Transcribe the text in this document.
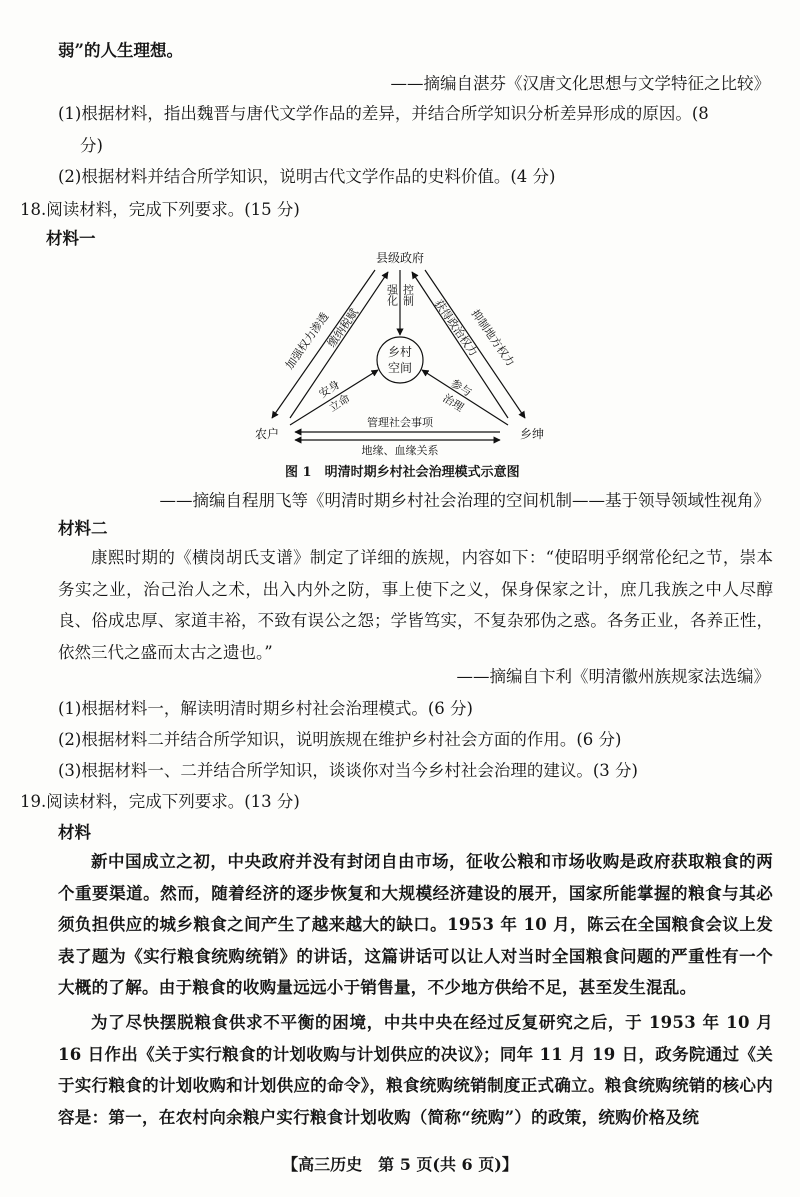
弱”的人生理想。
——摘编自湛芬《汉唐文化思想与文学特征之比较》
(1)根据材料，指出魏晋与唐代文学作品的差异，并结合所学知识分析差异形成的原因。(8
分)
(2)根据材料并结合所学知识，说明古代文学作品的史料价值。(4 分)
18.阅读材料，完成下列要求。(15 分)
材料一
县级政府
乡村
空间
强化 控制
加强权力渗透
缴纳税赋	抑制地方权力
获得政治权力
安身
立命
参与
治理
农户	乡绅
管理社会事项
地缘、血缘关系
图 1　明清时期乡村社会治理模式示意图
——摘编自程朋飞等《明清时期乡村社会治理的空间机制——基于领导领域性视角》
材料二
康熙时期的《横岗胡氏支谱》制定了详细的族规，内容如下：“使昭明乎纲常伦纪之节，崇本务实之业，治己治人之术，出入内外之防，事上使下之义，保身保家之计，庶几我族之中人尽醇良、俗成忠厚、家道丰裕，不致有误公之怨；学皆笃实，不复杂邪伪之惑。各务正业，各养正性，依然三代之盛而太古之遗也。”
——摘编自卞利《明清徽州族规家法选编》
(1)根据材料一，解读明清时期乡村社会治理模式。(6 分)
(2)根据材料二并结合所学知识，说明族规在维护乡村社会方面的作用。(6 分)
(3)根据材料一、二并结合所学知识，谈谈你对当今乡村社会治理的建议。(3 分)
19.阅读材料，完成下列要求。(13 分)
材料
新中国成立之初，中央政府并没有封闭自由市场，征收公粮和市场收购是政府获取粮食的两个重要渠道。然而，随着经济的逐步恢复和大规模经济建设的展开，国家所能掌握的粮食与其必须负担供应的城乡粮食之间产生了越来越大的缺口。1953 年 10 月，陈云在全国粮食会议上发表了题为《实行粮食统购统销》的讲话，这篇讲话可以让人对当时全国粮食问题的严重性有一个大概的了解。由于粮食的收购量远远小于销售量，不少地方供给不足，甚至发生混乱。
为了尽快摆脱粮食供求不平衡的困境，中共中央在经过反复研究之后，于 1953 年 10 月 16 日作出《关于实行粮食的计划收购与计划供应的决议》；同年 11 月 19 日，政务院通过《关于实行粮食的计划收购和计划供应的命令》，粮食统购统销制度正式确立。粮食统购统销的核心内容是：第一，在农村向余粮户实行粮食计划收购（简称“统购”）的政策，统购价格及统
【高三历史　第 5 页(共 6 页)】
